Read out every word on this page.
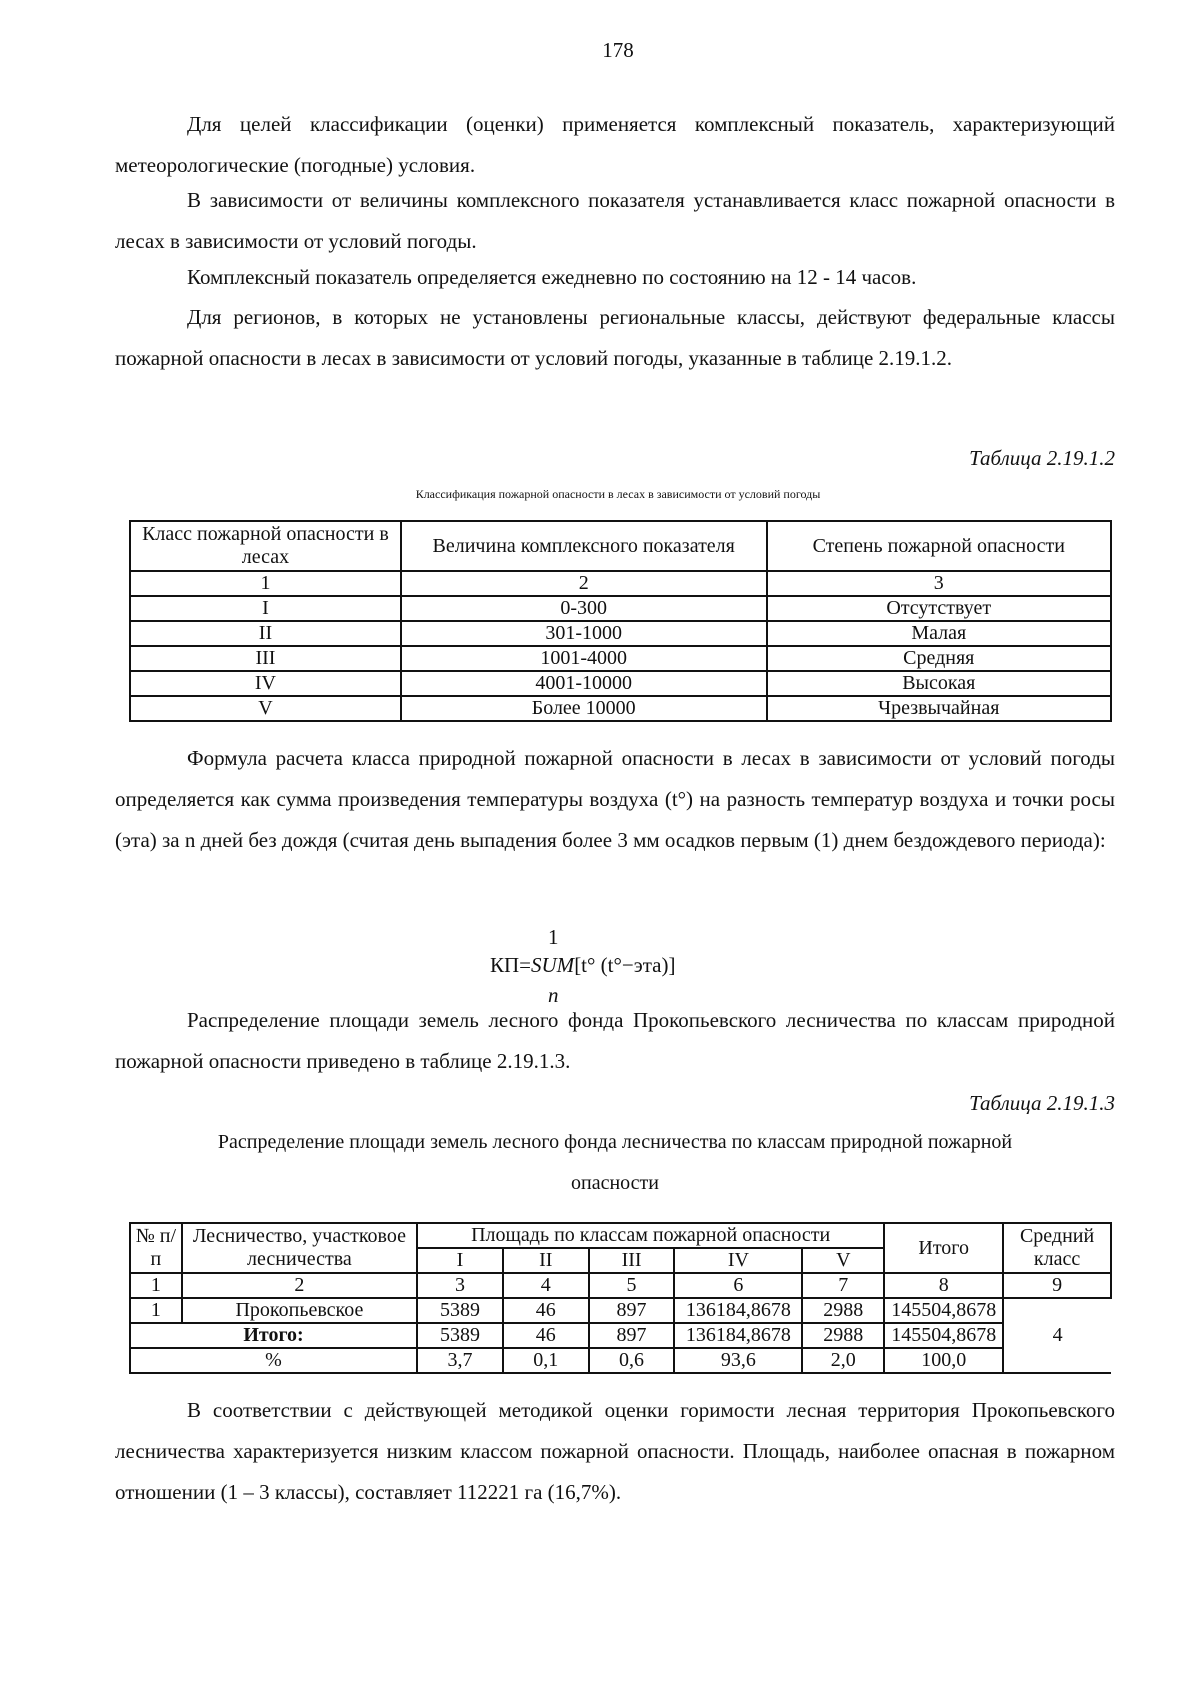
178

Для целей классификации (оценки) применяется комплексный показатель, характеризующий метеорологические (погодные) условия.

В зависимости от величины комплексного показателя устанавливается класс пожарной опасности в лесах в зависимости от условий погоды.

Комплексный показатель определяется ежедневно по состоянию на 12 - 14 часов.

Для регионов, в которых не установлены региональные классы, действуют федеральные классы пожарной опасности в лесах в зависимости от условий погоды, указанные в таблице 2.19.1.2.

Таблица 2.19.1.2
Классификация пожарной опасности в лесах в зависимости от условий погоды
Класс пожарной опасности в лесах	Величина комплексного показателя	Степень пожарной опасности
1	2	3
I	0-300	Отсутствует
II	301-1000	Малая
III	1001-4000	Средняя
IV	4001-10000	Высокая
V	Более 10000	Чрезвычайная

Формула расчета класса природной пожарной опасности в лесах в зависимости от условий погоды определяется как сумма произведения температуры воздуха (t°) на разность температур воздуха и точки росы (эта) за n дней без дождя (считая день выпадения более 3 мм осадков первым (1) днем бездождевого периода):

1
КП=SUM[t° (t°−эта)]
n

Распределение площади земель лесного фонда Прокопьевского лесничества по классам природной пожарной опасности приведено в таблице 2.19.1.3.

Таблица 2.19.1.3
Распределение площади земель лесного фонда лесничества по классам природной пожарной
опасности
№ п/п	Лесничество, участковое лесничества	Площадь по классам пожарной опасности					Итого	Средний класс
		I	II	III	IV	V		
1	2	3	4	5	6	7	8	9
1	Прокопьевское	5389	46	897	136184,8678	2988	145504,8678	4
Итого:		5389	46	897	136184,8678	2988	145504,8678	
%		3,7	0,1	0,6	93,6	2,0	100,0	

В соответствии с действующей методикой оценки горимости лесная территория Прокопьевского лесничества характеризуется низким классом пожарной опасности. Площадь, наиболее опасная в пожарном отношении (1 – 3 классы), составляет 112221 га (16,7%).
